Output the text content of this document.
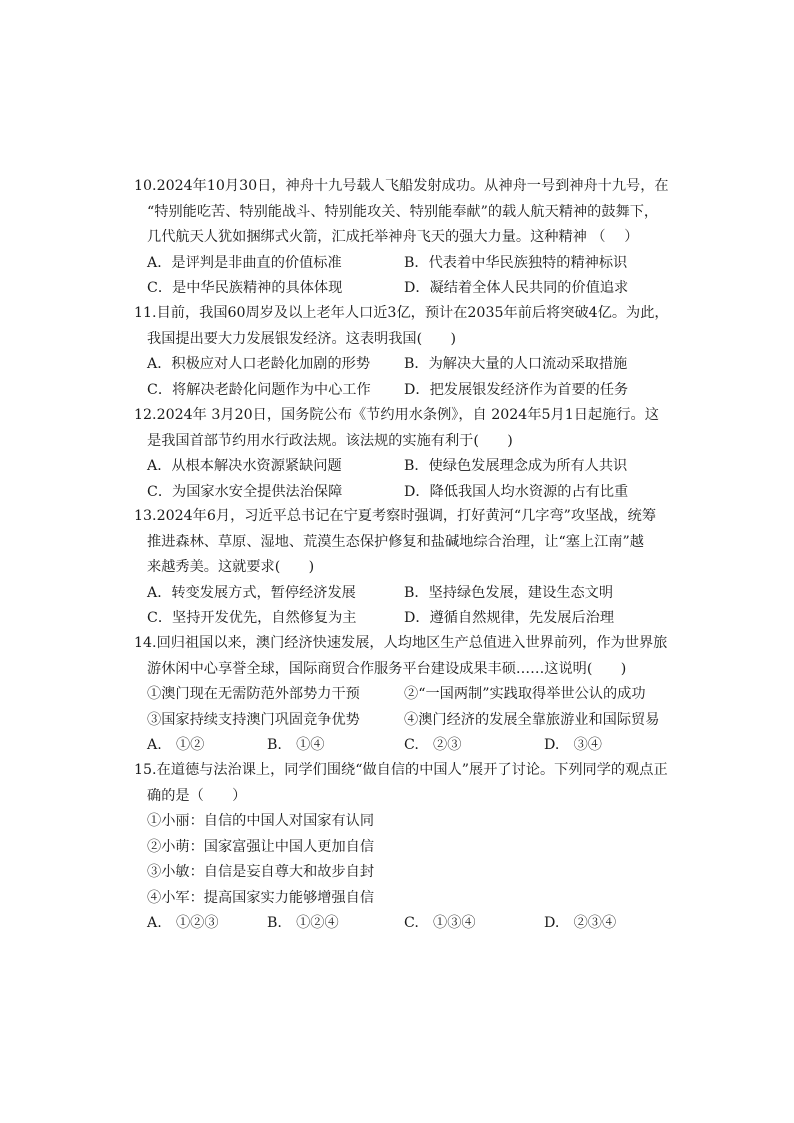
10.2024年10月30日，神舟十九号载人飞船发射成功。从神舟一号到神舟十九号，在
“特别能吃苦、特别能战斗、特别能攻关、特别能奉献”的载人航天精神的鼓舞下，
几代航天人犹如捆绑式火箭，汇成托举神舟飞天的强大力量。这种精神 （　 ）
A．是评判是非曲直的价值标准	B．代表着中华民族独特的精神标识
C．是中华民族精神的具体体现	D．凝结着全体人民共同的价值追求
11.目前，我国60周岁及以上老年人口近3亿，预计在2035年前后将突破4亿。为此，
我国提出要大力发展银发经济。这表明我国(　　)
A．积极应对人口老龄化加剧的形势 B．为解决大量的人口流动采取措施
C．将解决老龄化问题作为中心工作 D．把发展银发经济作为首要的任务
12.2024年 3月20日，国务院公布《节约用水条例》，自 2024年5月1日起施行。这
是我国首部节约用水行政法规。该法规的实施有利于(　　)
A．从根本解决水资源紧缺问题	B．使绿色发展理念成为所有人共识
C．为国家水安全提供法治保障	D．降低我国人均水资源的占有比重
13.2024年6月，习近平总书记在宁夏考察时强调，打好黄河“几字弯”攻坚战，统筹
推进森林、草原、湿地、荒漠生态保护修复和盐碱地综合治理，让“塞上江南”越
来越秀美。这就要求(　　)
A．转变发展方式，暂停经济发展	B．坚持绿色发展，建设生态文明
C．坚持开发优先，自然修复为主	D．遵循自然规律，先发展后治理
14.回归祖国以来，澳门经济快速发展，人均地区生产总值进入世界前列，作为世界旅
游休闲中心享誉全球，国际商贸合作服务平台建设成果丰硕……这说明(　　)
①澳门现在无需防范外部势力干预	②“一国两制”实践取得举世公认的成功
③国家持续支持澳门巩固竞争优势	④澳门经济的发展全靠旅游业和国际贸易
A.　①②	B.　①④	C.　②③	D.　③④
15.在道德与法治课上，同学们围绕“做自信的中国人”展开了讨论。下列同学的观点正
确的是（　　）
①小丽：自信的中国人对国家有认同
②小萌：国家富强让中国人更加自信
③小敏：自信是妄自尊大和故步自封
④小军：提高国家实力能够增强自信
A.　①②③	B.　①②④	C.　①③④	D.　②③④
